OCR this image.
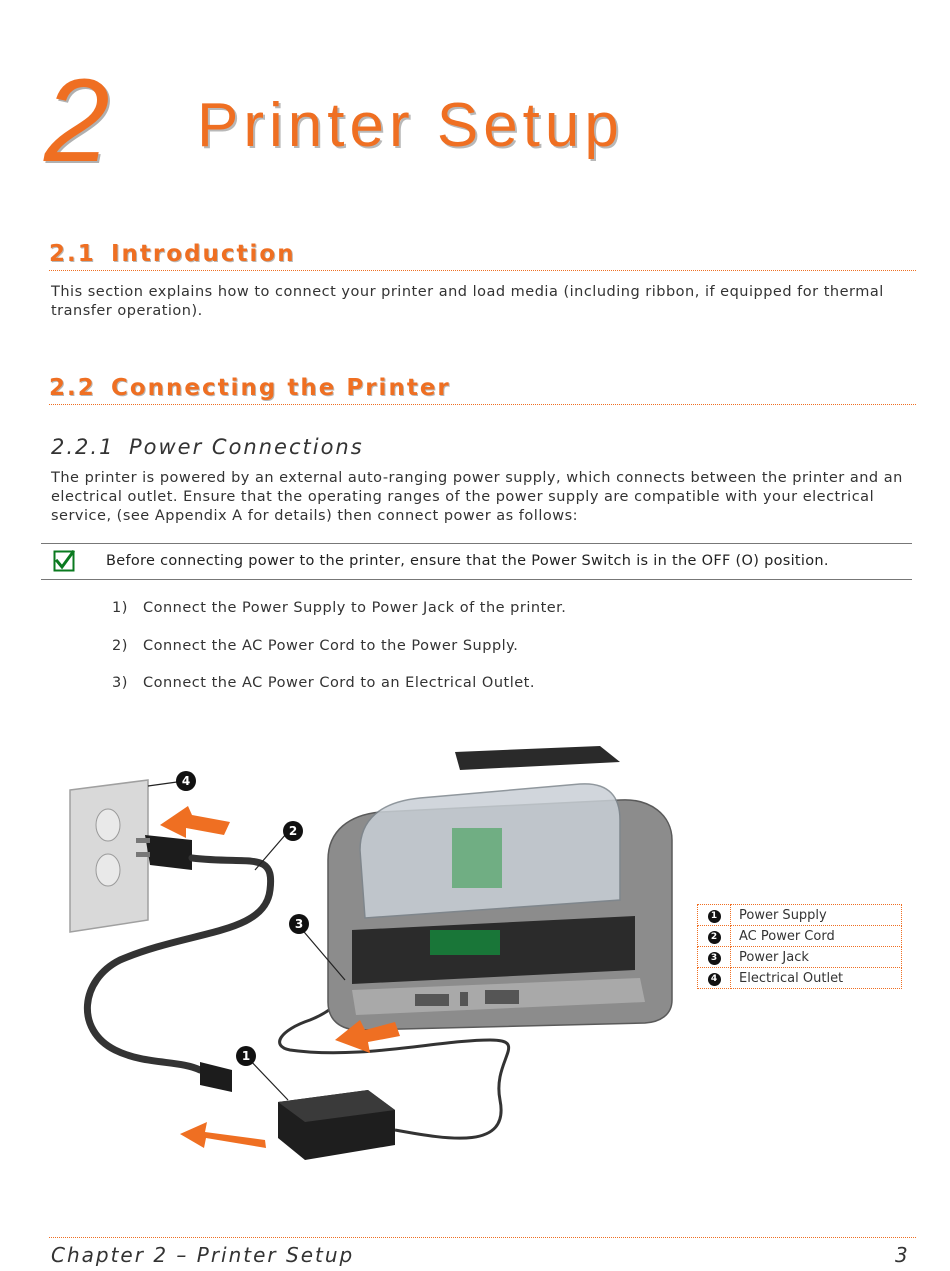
2 Printer Setup
2.1 Introduction
This section explains how to connect your printer and load media (including ribbon, if equipped for thermal transfer operation).
2.2 Connecting the Printer
2.2.1 Power Connections
The printer is powered by an external auto-ranging power supply, which connects between the printer and an electrical outlet. Ensure that the operating ranges of the power supply are compatible with your electrical service, (see Appendix A for details) then connect power as follows:
Before connecting power to the printer, ensure that the Power Switch is in the OFF (O) position.
1) Connect the Power Supply to Power Jack of the printer.
2) Connect the AC Power Cord to the Power Supply.
3) Connect the AC Power Cord to an Electrical Outlet.
4
2
3
1
1	Power Supply
2	AC Power Cord
3	Power Jack
4	Electrical Outlet
Chapter 2 – Printer Setup	3
